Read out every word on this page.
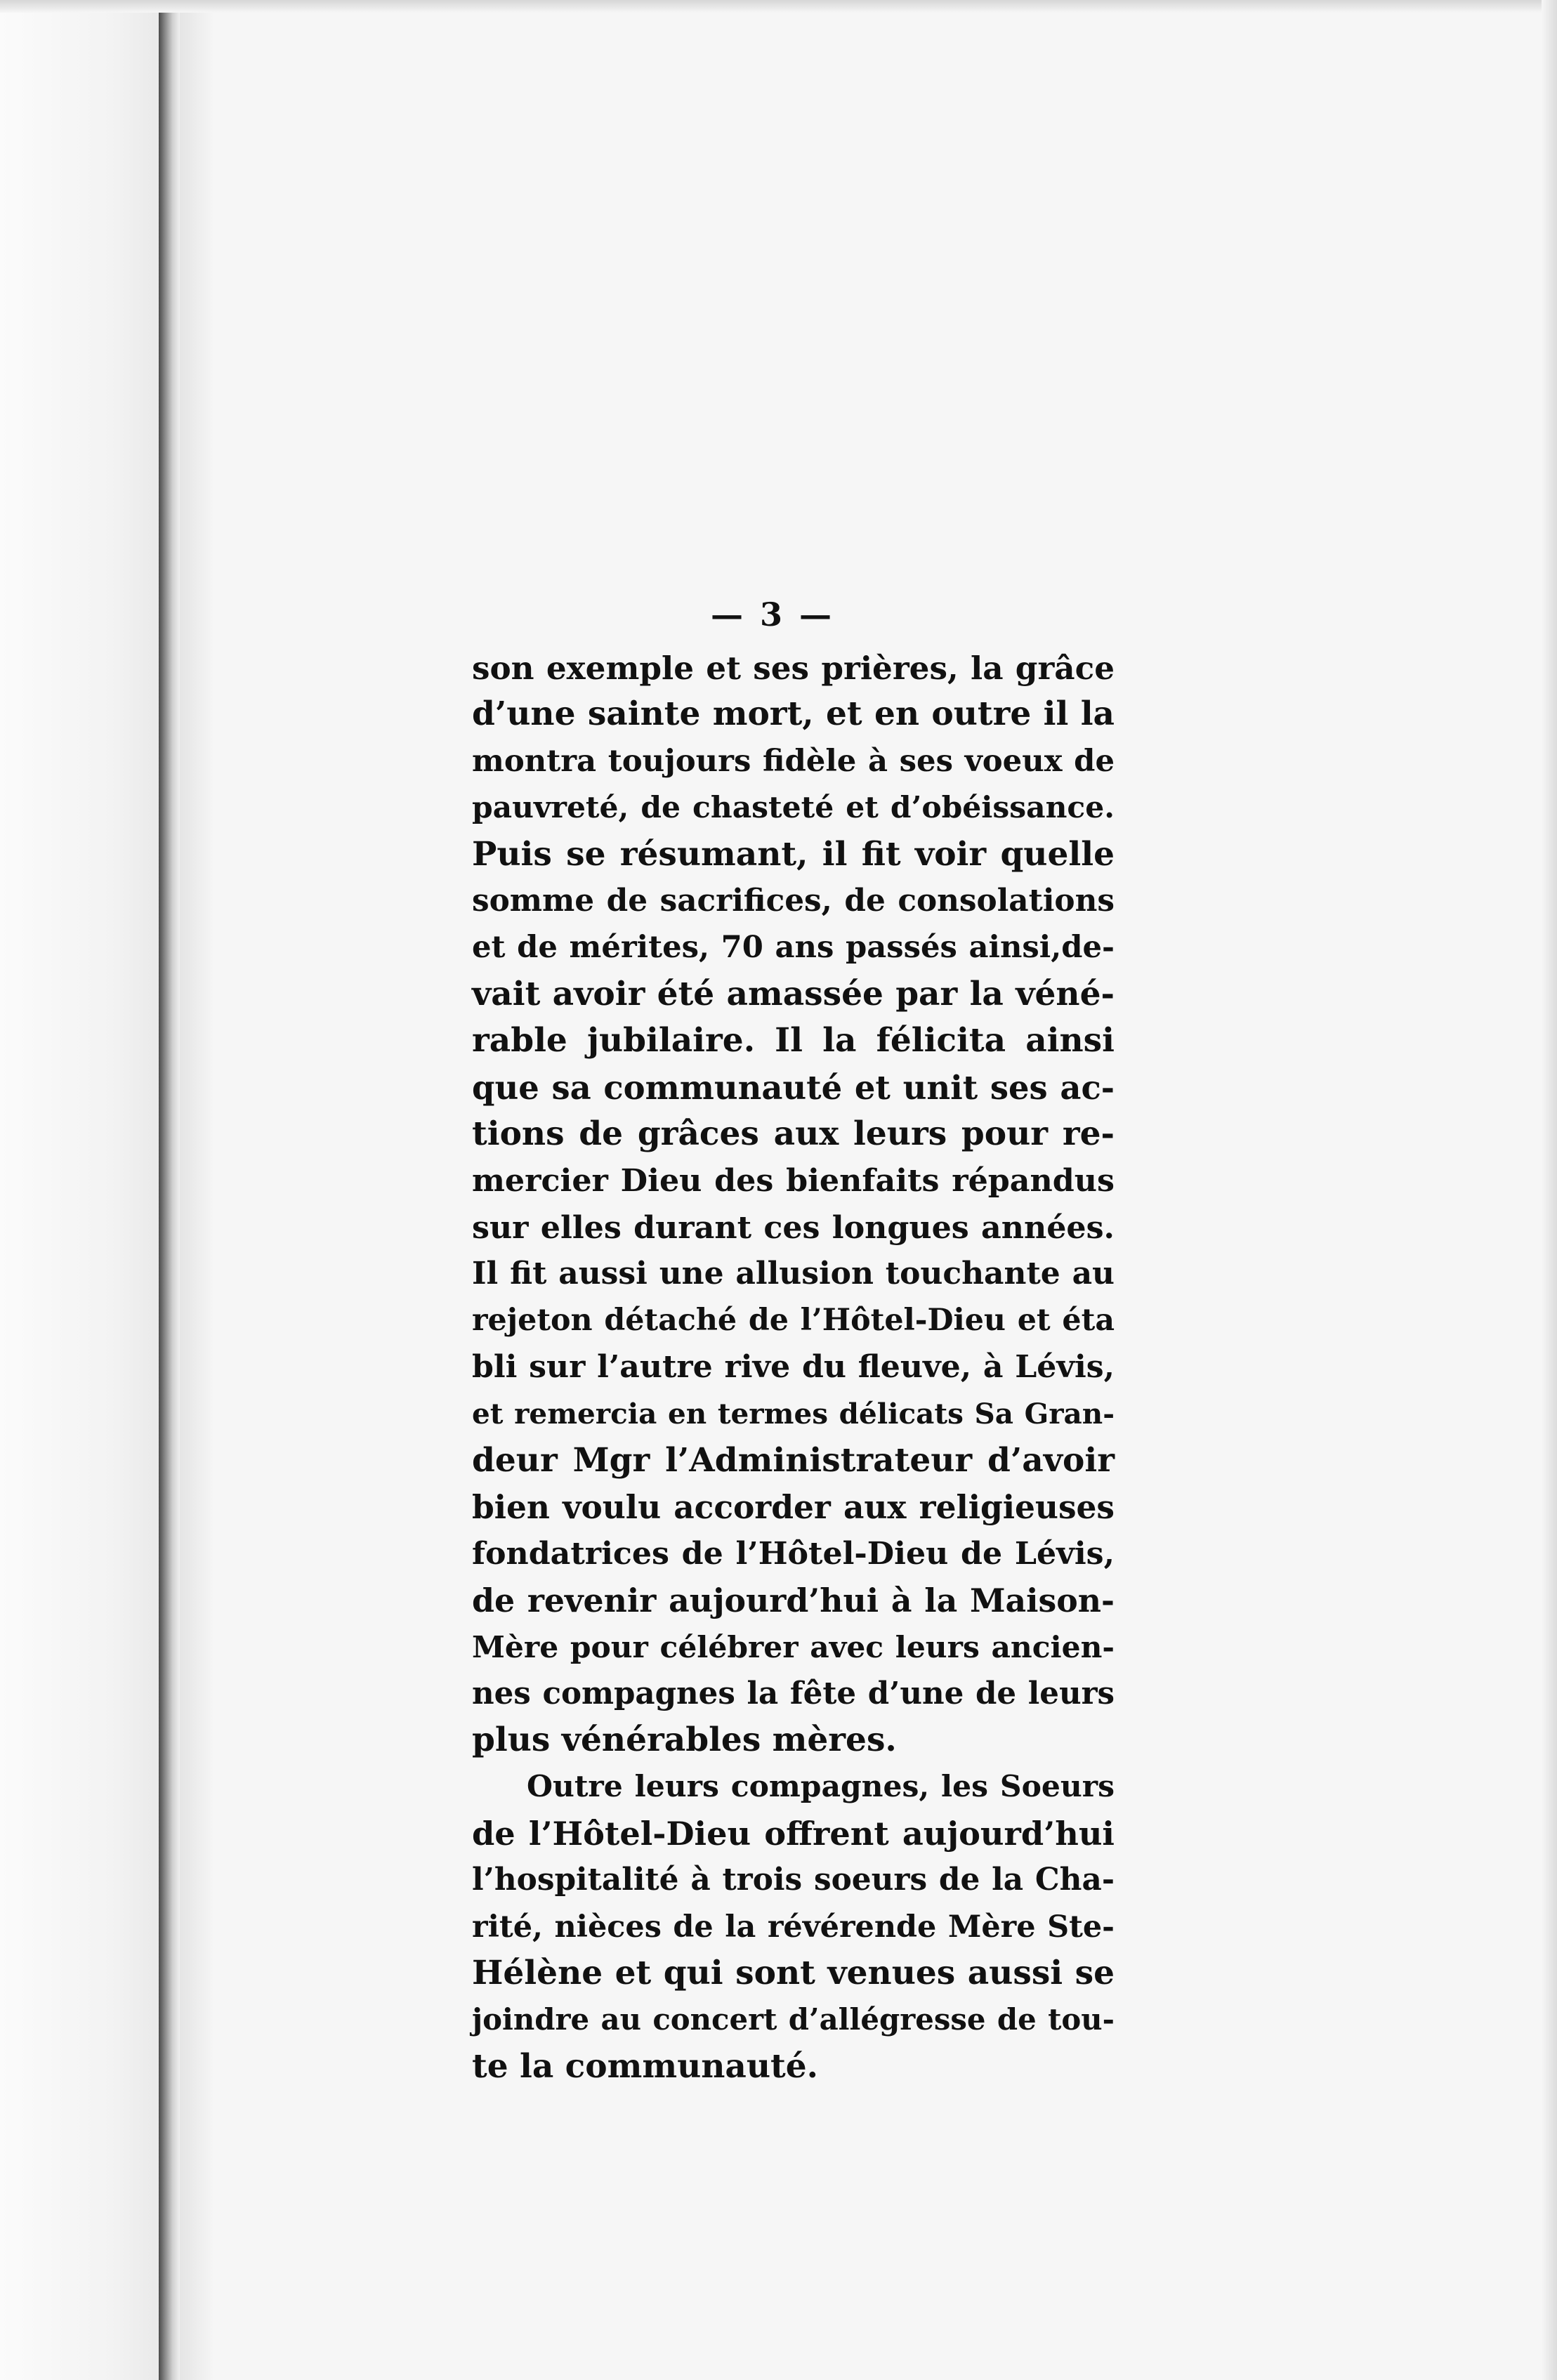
— 3 —
son exemple et ses prières, la grâce
d’une sainte mort, et en outre il la
montra toujours fidèle à ses voeux de
pauvreté, de chasteté et d’obéissance.
Puis se résumant, il fit voir quelle
somme de sacrifices, de consolations
et de mérites, 70 ans passés ainsi,de-
vait avoir été amassée par la véné-
rable jubilaire. Il la félicita ainsi
que sa communauté et unit ses ac-
tions de grâces aux leurs pour re-
mercier Dieu des bienfaits répandus
sur elles durant ces longues années.
Il fit aussi une allusion touchante au
rejeton détaché de l’Hôtel-Dieu et éta
bli sur l’autre rive du fleuve, à Lévis,
et remercia en termes délicats Sa Gran-
deur Mgr l’Administrateur d’avoir
bien voulu accorder aux religieuses
fondatrices de l’Hôtel-Dieu de Lévis,
de revenir aujourd’hui à la Maison-
Mère pour célébrer avec leurs ancien-
nes compagnes la fête d’une de leurs
plus vénérables mères.
Outre leurs compagnes, les Soeurs
de l’Hôtel-Dieu offrent aujourd’hui
l’hospitalité à trois soeurs de la Cha-
rité, nièces de la révérende Mère Ste-
Hélène et qui sont venues aussi se
joindre au concert d’allégresse de tou-
te la communauté.
